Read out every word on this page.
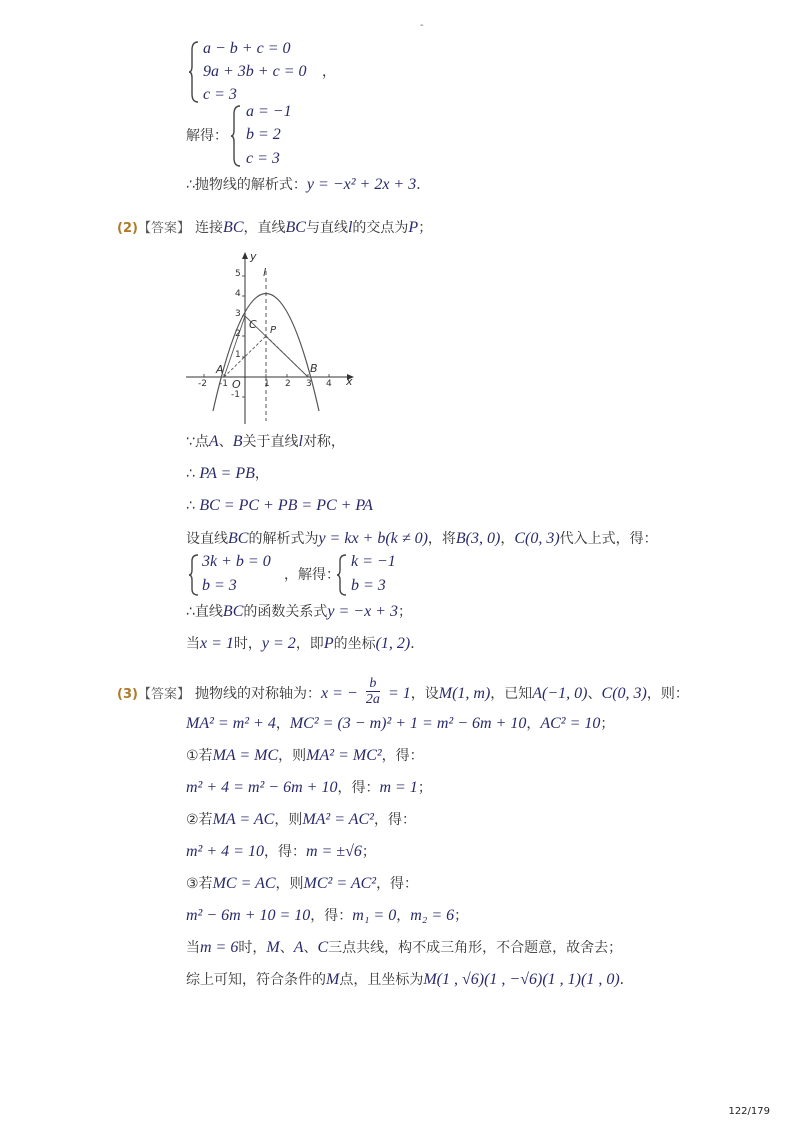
-
a − b + c = 0
9a + 3b + c = 0 ，
c = 3
解得：
a = −1
b = 2
c = 3
∴抛物线的解析式：y = −x² + 2x + 3．
(2)【答案】 连接BC，直线BC与直线l的交点为P；
y
l
x
5
4
3
2
1
-1
-2 -1	1 2 3 4
A
O
B
C P
∵点A、B关于直线l对称，
∴ PA = PB，
∴ BC = PC + PB = PC + PA
设直线BC的解析式为y = kx + b(k ≠ 0)，将B(3, 0)，C(0, 3)代入上式，得：
3k + b = 0
b = 3
，解得：
k = −1
b = 3
∴直线BC的函数关系式y = −x + 3；
当x = 1时，y = 2，即P的坐标(1, 2)．
(3)【答案】 抛物线的对称轴为：x = − $\frac{b}{2a} = 1$，设M(1, m)，已知A(−1, 0)、C(0, 3)，则：
MA² = m² + 4，MC² = (3 − m)² + 1 = m² − 6m + 10，AC² = 10；
①若MA = MC，则MA² = MC²，得：
m² + 4 = m² − 6m + 10，得：m = 1；
②若MA = AC，则MA² = AC²，得：
m² + 4 = 10，得：m = ±√6；
③若MC = AC，则MC² = AC²，得：
m² − 6m + 10 = 10，得：m₁ = 0，m₂ = 6；
当m = 6时，M、A、C三点共线，构不成三角形，不合题意，故舍去；
综上可知，符合条件的M点，且坐标为M(1 , √6)(1 , −√6)(1 , 1)(1 , 0)．
122/179
